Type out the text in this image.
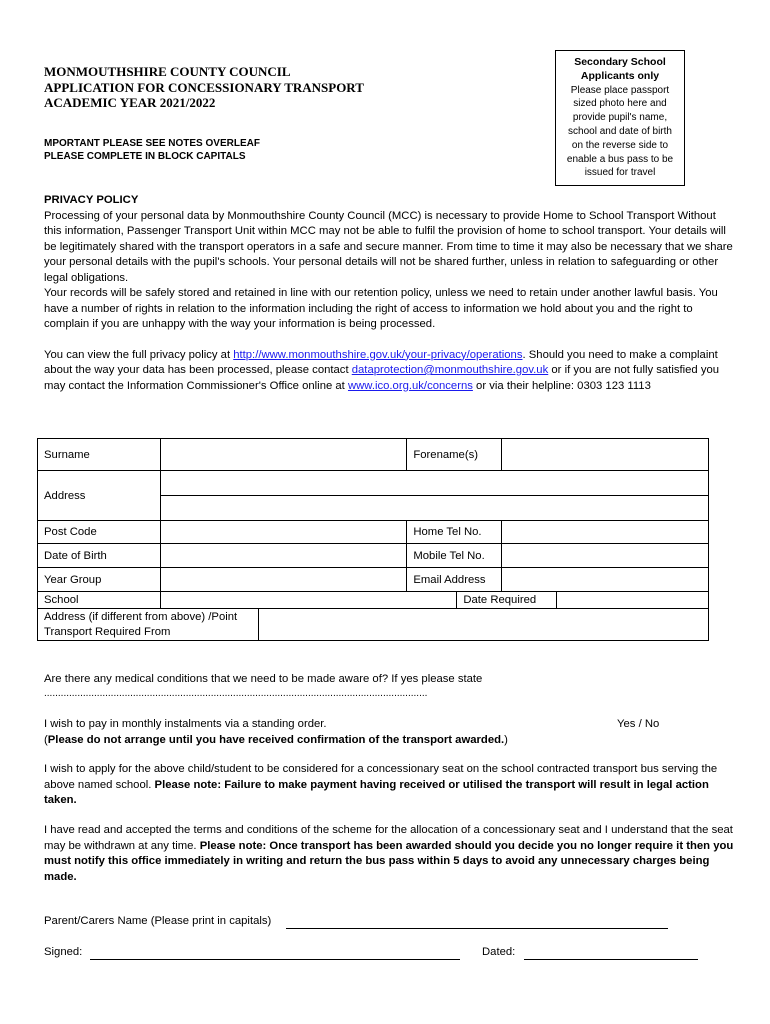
MONMOUTHSHIRE COUNTY COUNCIL
APPLICATION FOR CONCESSIONARY TRANSPORT
ACADEMIC YEAR 2021/2022
MPORTANT PLEASE SEE NOTES OVERLEAF
PLEASE COMPLETE IN BLOCK CAPITALS
Secondary School
Applicants only
Please place passport sized photo here and provide pupil's name, school and date of birth on the reverse side to enable a bus pass to be issued for travel

PRIVACY POLICY

Processing of your personal data by Monmouthshire County Council (MCC) is necessary to provide Home to School Transport Without this information, Passenger Transport Unit within MCC may not be able to fulfil the provision of home to school transport. Your details will be legitimately shared with the transport operators in a safe and secure manner. From time to time it may also be necessary that we share your personal details with the pupil's schools. Your personal details will not be shared further, unless in relation to safeguarding or other legal obligations.

Your records will be safely stored and retained in line with our retention policy, unless we need to retain under another lawful basis. You have a number of rights in relation to the information including the right of access to information we hold about you and the right to complain if you are unhappy with the way your information is being processed.

You can view the full privacy policy at http://www.monmouthshire.gov.uk/your-privacy/operations. Should you need to make a complaint about the way your data has been processed, please contact dataprotection@monmouthshire.gov.uk or if you are not fully satisfied you may contact the Information Commissioner's Office online at www.ico.org.uk/concerns or via their helpline: 0303 123 1113

Surname			Forename(s)			
Address						

Post Code			Home Tel No.			
Date of Birth			Mobile Tel No.			
Year Group			Email Address			
School				Date Required		
Address (if different from above) /Point Transport Required From						
Are there any medical conditions that we need to be made aware of? If yes please state
..........................................................................................................................................
I wish to pay in monthly instalments via a standing order.
(Please do not arrange until you have received confirmation of the transport awarded.)
Yes / No
I wish to apply for the above child/student to be considered for a concessionary seat on the school contracted transport bus serving the above named school. Please note: Failure to make payment having received or utilised the transport will result in legal action taken.
I have read and accepted the terms and conditions of the scheme for the allocation of a concessionary seat and I understand that the seat may be withdrawn at any time. Please note: Once transport has been awarded should you decide you no longer require it then you must notify this office immediately in writing and return the bus pass within 5 days to avoid any unnecessary charges being made.
Parent/Carers Name (Please print in capitals)
Signed:	Dated:
